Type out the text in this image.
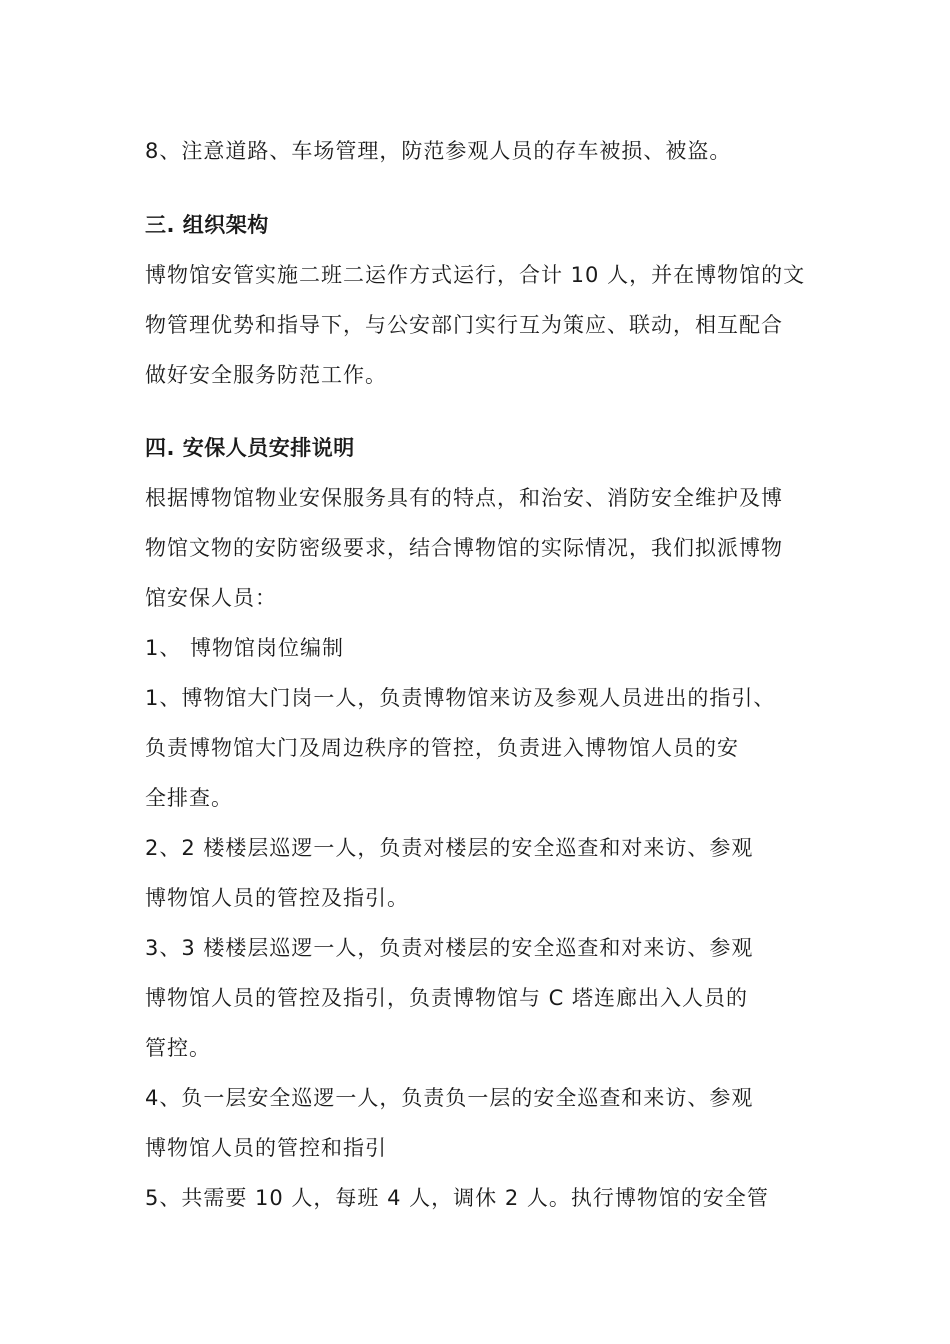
8、注意道路、车场管理，防范参观人员的存车被损、被盗。
三. 组织架构
博物馆安管实施二班二运作方式运行，合计 10 人，并在博物馆的文
物管理优势和指导下，与公安部门实行互为策应、联动，相互配合
做好安全服务防范工作。
四. 安保人员安排说明
根据博物馆物业安保服务具有的特点，和治安、消防安全维护及博
物馆文物的安防密级要求，结合博物馆的实际情况，我们拟派博物
馆安保人员：
1、 博物馆岗位编制
1、博物馆大门岗一人，负责博物馆来访及参观人员进出的指引、
负责博物馆大门及周边秩序的管控，负责进入博物馆人员的安
全排查。
2、2 楼楼层巡逻一人，负责对楼层的安全巡查和对来访、参观
博物馆人员的管控及指引。
3、3 楼楼层巡逻一人，负责对楼层的安全巡查和对来访、参观
博物馆人员的管控及指引，负责博物馆与 C 塔连廊出入人员的
管控。
4、负一层安全巡逻一人，负责负一层的安全巡查和来访、参观
博物馆人员的管控和指引
5、共需要 10 人，每班 4 人，调休 2 人。执行博物馆的安全管
